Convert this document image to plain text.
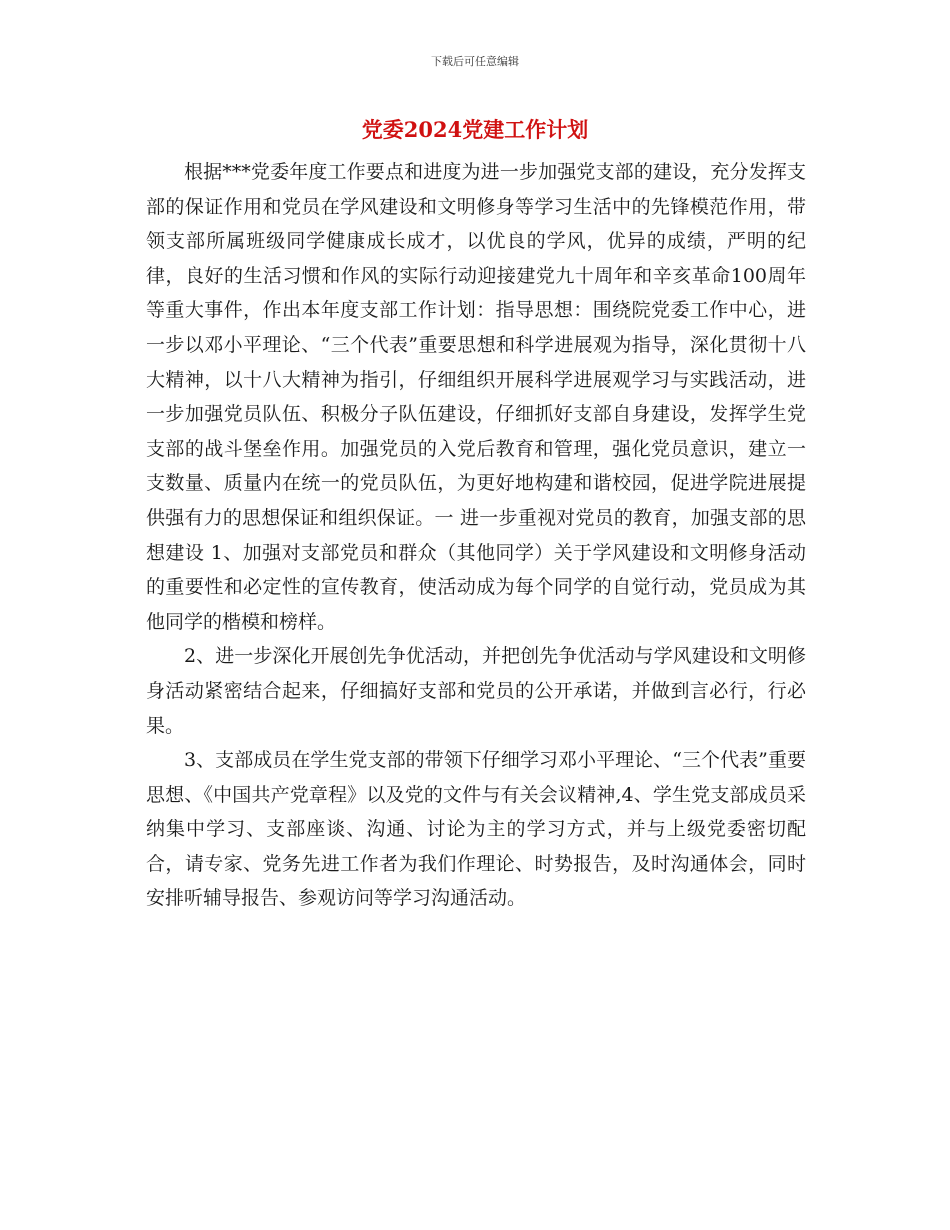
下载后可任意编辑
党委2024党建工作计划

根据***党委年度工作要点和进度为进一步加强党支部的建设，充分发挥支部的保证作用和党员在学风建设和文明修身等学习生活中的先锋模范作用，带领支部所属班级同学健康成长成才，以优良的学风，优异的成绩，严明的纪律，良好的生活习惯和作风的实际行动迎接建党九十周年和辛亥革命100周年等重大事件，作出本年度支部工作计划：指导思想：围绕院党委工作中心，进一步以邓小平理论、“三个代表”重要思想和科学进展观为指导，深化贯彻十八大精神，以十八大精神为指引，仔细组织开展科学进展观学习与实践活动，进一步加强党员队伍、积极分子队伍建设，仔细抓好支部自身建设，发挥学生党支部的战斗堡垒作用。加强党员的入党后教育和管理，强化党员意识，建立一支数量、质量内在统一的党员队伍，为更好地构建和谐校园，促进学院进展提供强有力的思想保证和组织保证。一 进一步重视对党员的教育，加强支部的思想建设 1、加强对支部党员和群众（其他同学）关于学风建设和文明修身活动的重要性和必定性的宣传教育，使活动成为每个同学的自觉行动，党员成为其他同学的楷模和榜样。

2、进一步深化开展创先争优活动，并把创先争优活动与学风建设和文明修身活动紧密结合起来，仔细搞好支部和党员的公开承诺，并做到言必行，行必果。

3、支部成员在学生党支部的带领下仔细学习邓小平理论、“三个代表”重要思想、《中国共产党章程》以及党的文件与有关会议精神,4、学生党支部成员采纳集中学习、支部座谈、沟通、讨论为主的学习方式，并与上级党委密切配合，请专家、党务先进工作者为我们作理论、时势报告，及时沟通体会，同时安排听辅导报告、参观访问等学习沟通活动。
